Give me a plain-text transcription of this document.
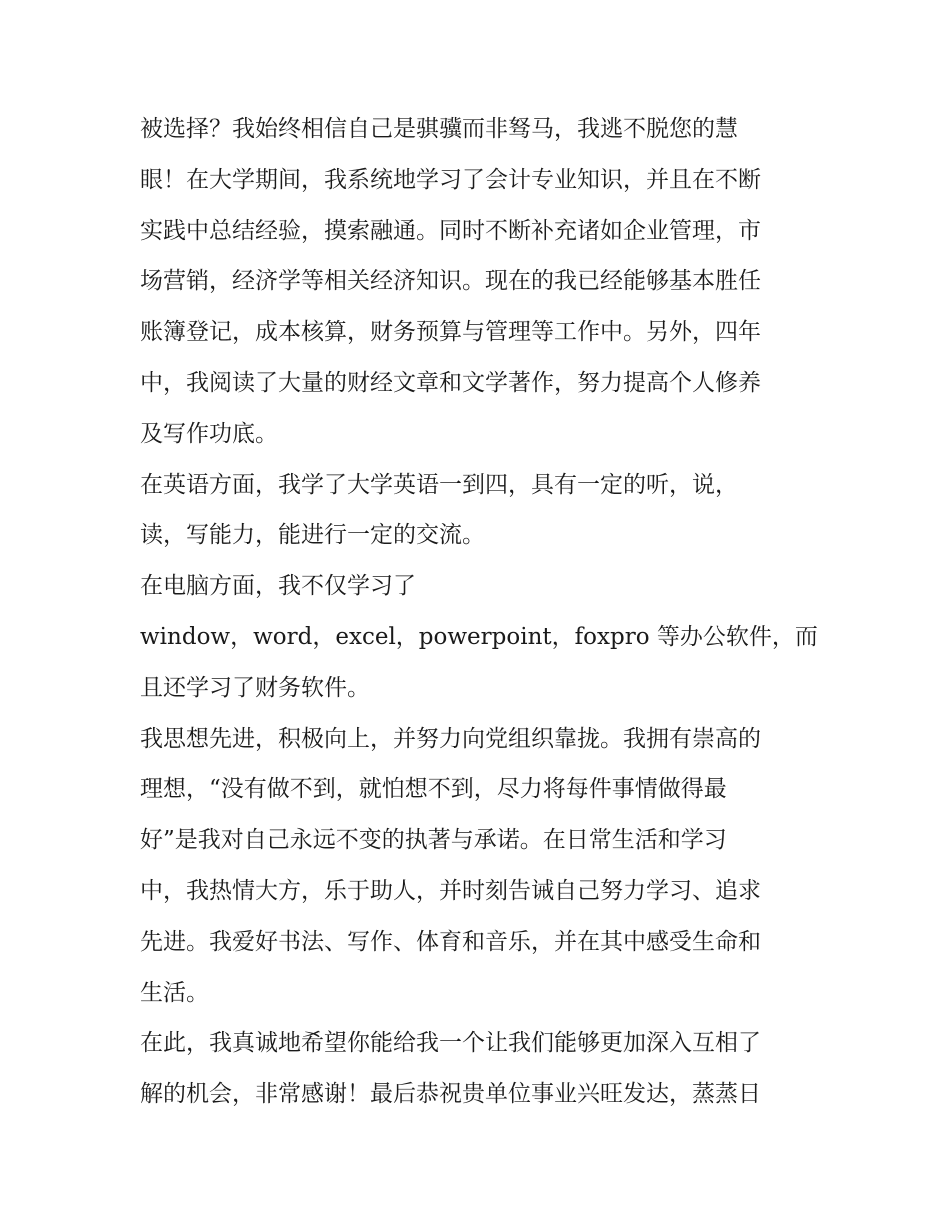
被选择？我始终相信自己是骐骥而非驽马，我逃不脱您的慧
眼！在大学期间，我系统地学习了会计专业知识，并且在不断
实践中总结经验，摸索融通。同时不断补充诸如企业管理，市
场营销，经济学等相关经济知识。现在的我已经能够基本胜任
账簿登记，成本核算，财务预算与管理等工作中。另外，四年
中，我阅读了大量的财经文章和文学著作，努力提高个人修养
及写作功底。
在英语方面，我学了大学英语一到四，具有一定的听，说，
读，写能力，能进行一定的交流。
在电脑方面，我不仅学习了
window，word，excel，powerpoint，foxpro 等办公软件，而
且还学习了财务软件。
我思想先进，积极向上，并努力向党组织靠拢。我拥有崇高的
理想，“没有做不到，就怕想不到，尽力将每件事情做得最
好”是我对自己永远不变的执著与承诺。在日常生活和学习
中，我热情大方，乐于助人，并时刻告诫自己努力学习、追求
先进。我爱好书法、写作、体育和音乐，并在其中感受生命和
生活。
在此，我真诚地希望你能给我一个让我们能够更加深入互相了
解的机会，非常感谢！最后恭祝贵单位事业兴旺发达，蒸蒸日
